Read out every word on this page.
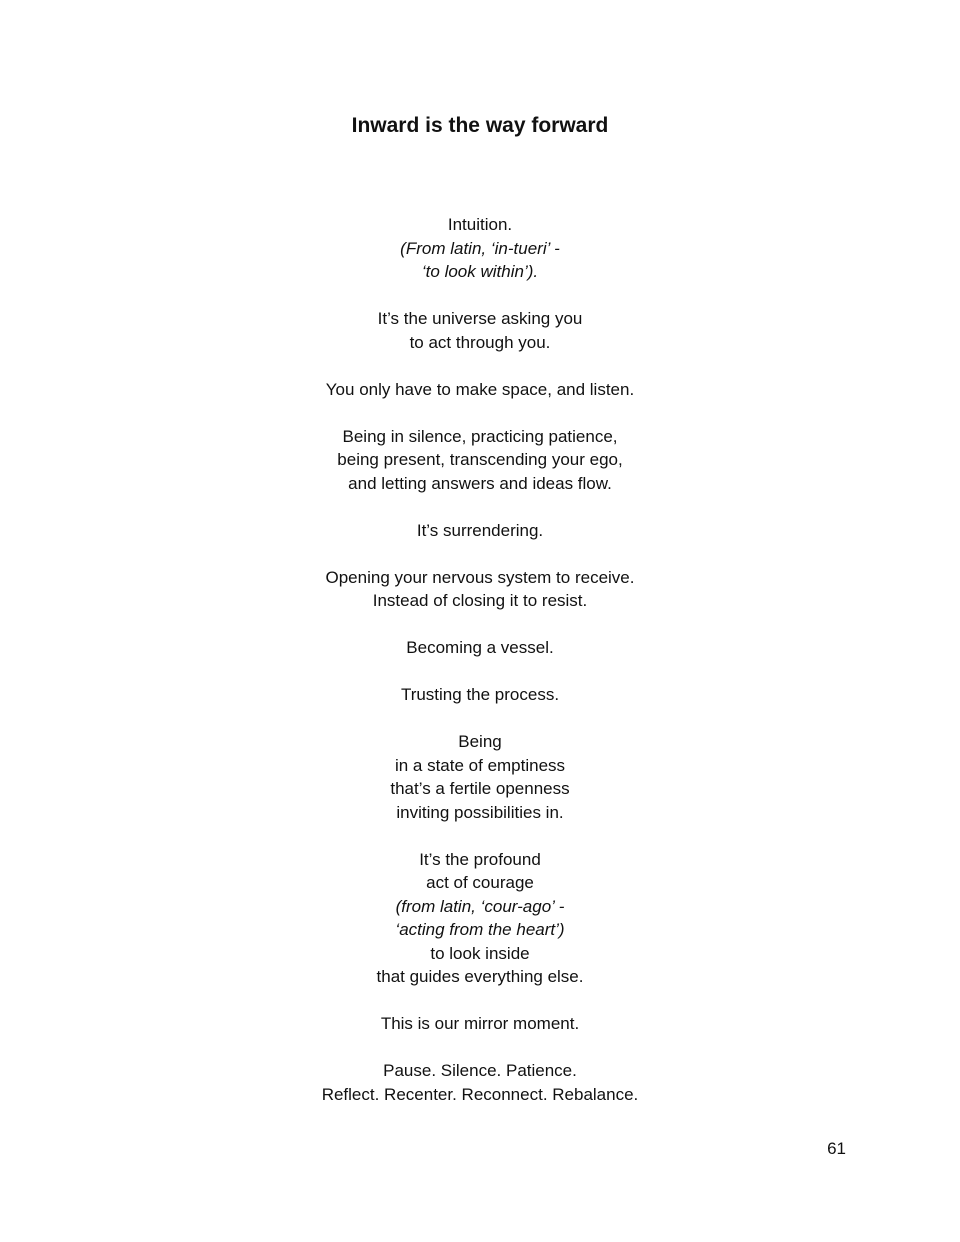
Inward is the way forward

Intuition.
(From latin, ‘in-tueri’ -
‘to look within’).

It’s the universe asking you
to act through you.

You only have to make space, and listen.

Being in silence, practicing patience,
being present, transcending your ego,
and letting answers and ideas flow.

It’s surrendering.

Opening your nervous system to receive.
Instead of closing it to resist.

Becoming a vessel.

Trusting the process.

Being
in a state of emptiness
that’s a fertile openness
inviting possibilities in.

It’s the profound
act of courage
(from latin, ‘cour-ago’ -
‘acting from the heart’)
to look inside
that guides everything else.

This is our mirror moment.

Pause. Silence. Patience.
Reflect. Recenter. Reconnect. Rebalance.

61
